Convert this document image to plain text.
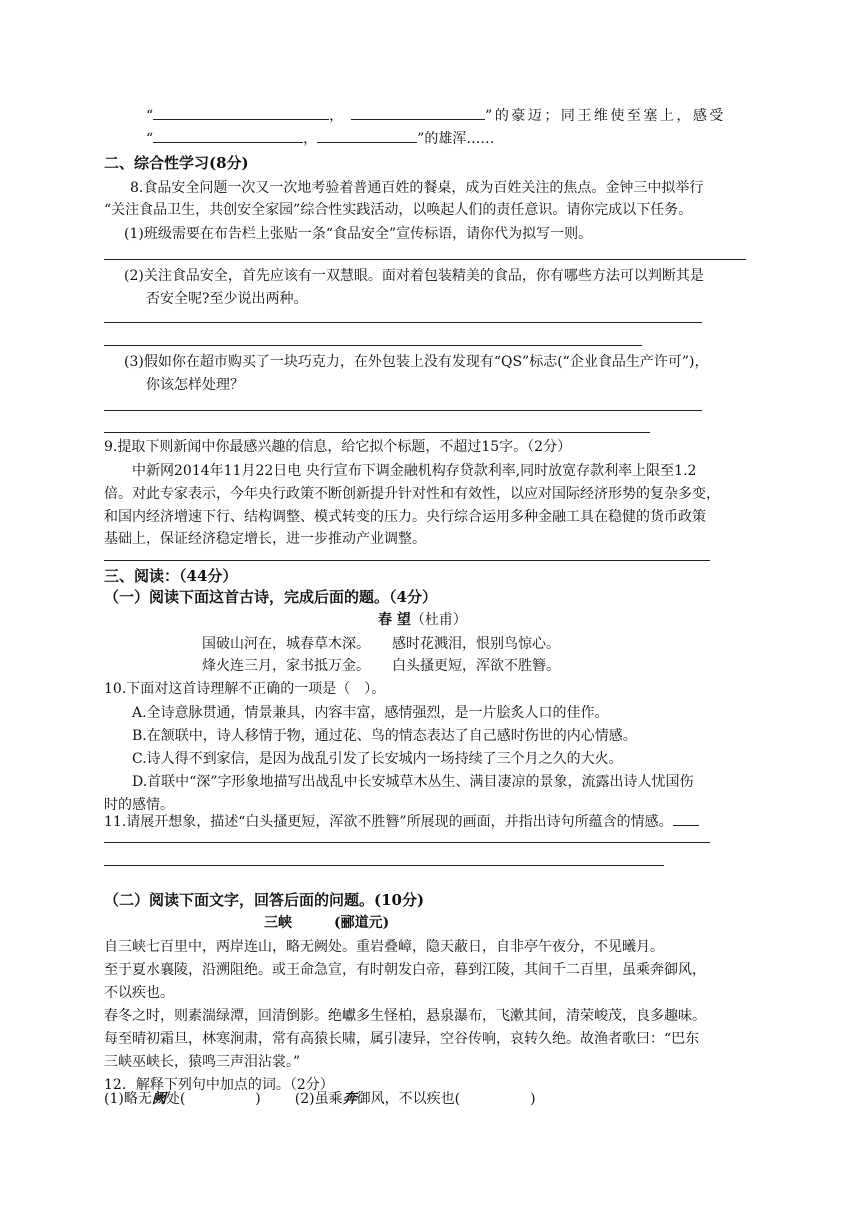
“	，	”的豪迈；同王维使至塞上，感受
“	，	”的雄浑……
二、综合性学习(8分)
8.食品安全问题一次又一次地考验着普通百姓的餐桌，成为百姓关注的焦点。金钟三中拟举行
“关注食品卫生，共创安全家园”综合性实践活动，以唤起人们的责任意识。请你完成以下任务。
(1)班级需要在布告栏上张贴一条“食品安全”宣传标语，请你代为拟写一则。
(2)关注食品安全，首先应该有一双慧眼。面对着包装精美的食品，你有哪些方法可以判断其是
否安全呢?至少说出两种。
(3)假如你在超市购买了一块巧克力，在外包装上没有发现有“QS”标志(“企业食品生产许可”)，
你该怎样处理？
9.提取下则新闻中你最感兴趣的信息，给它拟个标题，不超过15字。（2分）
中新网2014年11月22日电 央行宣布下调金融机构存贷款利率,同时放宽存款利率上限至1.2
倍。对此专家表示，今年央行政策不断创新提升针对性和有效性，以应对国际经济形势的复杂多变，
和国内经济增速下行、结构调整、模式转变的压力。央行综合运用多种金融工具在稳健的货币政策
基础上，保证经济稳定增长，进一步推动产业调整。
三、阅读：（44分）
（一）阅读下面这首古诗，完成后面的题。（4分）
春 望（杜甫）
国破山河在，城春草木深。 感时花溅泪，恨别鸟惊心。
烽火连三月，家书抵万金。 白头搔更短，浑欲不胜簪。
10.下面对这首诗理解不正确的一项是（　）。
A.全诗意脉贯通，情景兼具，内容丰富，感情强烈，是一片脍炙人口的佳作。
B.在颔联中，诗人移情于物，通过花、鸟的情态表达了自己感时伤世的内心情感。
C.诗人得不到家信，是因为战乱引发了长安城内一场持续了三个月之久的大火。
D.首联中“深”字形象地描写出战乱中长安城草木丛生、满目凄凉的景象，流露出诗人忧国伤
时的感情。
11.请展开想象，描述“白头搔更短，浑欲不胜簪”所展现的画面，并指出诗句所蕴含的情感。
（二）阅读下面文字，回答后面的问题。(10分)
三峡	(郦道元)
自三峡七百里中，两岸连山，略无阙处。重岩叠嶂，隐天蔽日，自非亭午夜分，不见曦月。
至于夏水襄陵，沿溯阻绝。或王命急宣，有时朝发白帝，暮到江陵，其间千二百里，虽乘奔御风，
不以疾也。
春冬之时，则素湍绿潭，回清倒影。绝巘多生怪柏，悬泉瀑布，飞漱其间，清荣峻茂，良多趣味。
每至晴初霜旦，林寒涧肃，常有高猿长啸，属引凄异，空谷传响，哀转久绝。故渔者歌曰：“巴东
三峡巫峡长，猿鸣三声泪沾裳。”
12．解释下列句中加点的词。（2分）
(1)略无阙处(　　　　　) (2)虽乘奔御风，不以疾也(　　　　　)
